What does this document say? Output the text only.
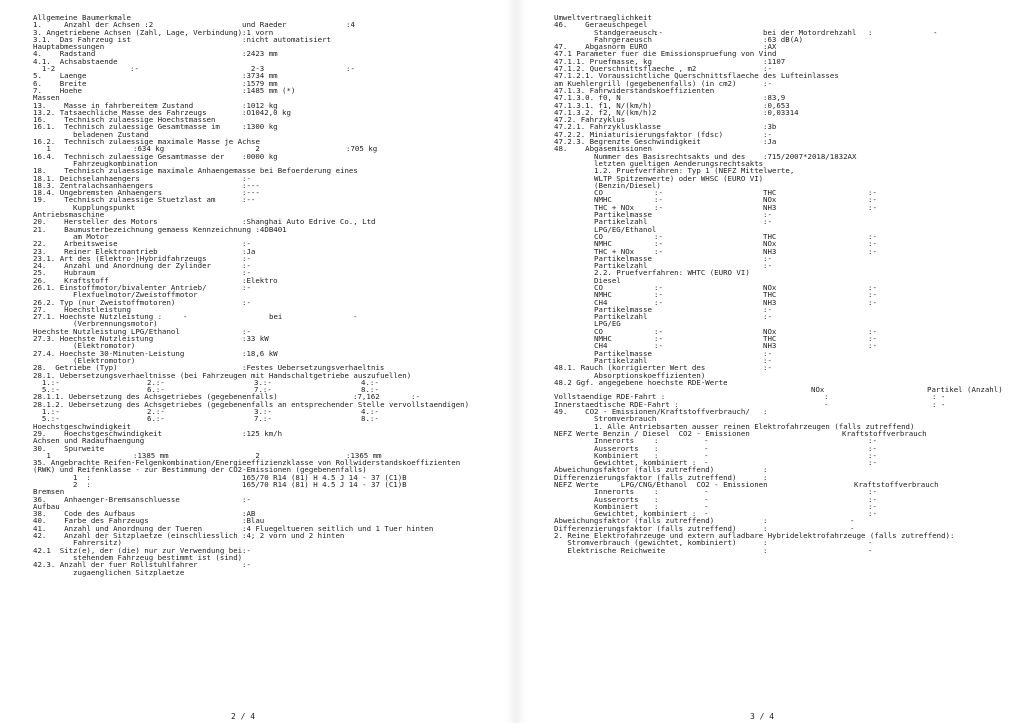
Allgemeine Baumerkmale
1.     Anzahl der Achsen :2	und Raeder	:4
3. Angetriebene Achsen (Zahl, Lage, Verbindung) :1 vorn
3.1.  Das Fahrzeug ist	:nicht automatisiert
Hauptabmessungen
4.    Radstand	:2423 mm
4.1.  Achsabstaende
1-2	:-	2-3	:-
5.    Laenge	:3734 mm
6.    Breite	:1579 mm
7.    Hoehe	:1485 mm (*)
Massen
13.    Masse in fahrbereitem Zustand	:1012 kg
13.2. Tatsaechliche Masse des Fahrzeugs	:O1042,0 kg
16.    Technisch zulaessige Hoechstmassen
16.1.  Technisch zulaessige Gesamtmasse im	:1300 kg
beladenen Zustand
16.2.  Technisch zulaessige maximale Masse je Achse
1	:634 kg	2	:705 kg
16.4.  Technisch zulaessige Gesamtmasse der :0000 kg
Fahrzeugkombination
18.    Technisch zulaessige maximale Anhaengemasse bei Befoerderung eines
18.1. Deichselanhaengers	:-
18.3. Zentralachsanhaengers	:---
18.4. Ungebremsten Anhaengers	:---
19.    Technisch zulaessige Stuetzlast am	:--
Kupplungspunkt
Antriebsmaschine
20.    Hersteller des Motors	:Shanghai Auto Edrive Co., Ltd
21.    Baumusterbezeichnung gemaess Kennzeichnung :4DB401
am Motor
22.    Arbeitsweise	:-
23.    Reiner Elektroantrieb	:Ja
23.1. Art des (Elektro-)Hybridfahrzeugs	:-
24.    Anzahl und Anordnung der Zylinder	:-
25.    Hubraum	:-
26.    Kraftstoff	:Elektro
26.1. Einstoffmotor/bivalenter Antrieb/	:-
Flexfuelmotor/Zweistoffmotor
26.2. Typ (nur Zweistoffmotoren)	:-
27.    Hoechstleistung
27.1. Hoechste Nutzleistung :	-	bei	-
(Verbrennungsmotor)
Hoechste Nutzleistung LPG/Ethanol	:-
27.3. Hoechste Nutzleistung	:33 kW
(Elektromotor)
27.4. Hoechste 30-Minuten-Leistung	:18,6 kW
(Elektromotor)
28.  Getriebe (Typ)	:Festes Uebersetzungsverhaeltnis
28.1. Uebersetzungsverhaeltnisse (bei Fahrzeugen mit Handschaltgetriebe auszufuellen)
1.:-	2.:-	3.:-	4.:-
5.:-	6.:-	7.:-	8.:-
28.1.1. Uebersetzung des Achsgetriebes (gegebenenfalls)	:7,162	:-
28.1.2. Uebersetzung des Achsgetriebes (gegebenenfalls an entsprechender Stelle vervollstaendigen)
1.:-	2.:-	3.:-	4.:-
5.:-	6.:-	7.:-	8.:-
Hoechstgeschwindigkeit
29.    Hoechstgeschwindigkeit	:125 km/h
Achsen und Radaufhaengung
30.    Spurweite
1	:1385 mm	2	:1365 mm
35. Angebrachte Reifen-Felgenkombination/Energieeffizienzklasse von Rollwiderstandskoeffizienten
(RWK) und Reifenklasse - zur Bestimmung der CO2-Emissionen (gegebenenfalls)
1  :	165/70 R14 (81) H 4.5 J 14 - 37 (C1)B
2  :	165/70 R14 (81) H 4.5 J 14 - 37 (C1)B
Bremsen
36.    Anhaenger-Bremsanschluesse	:-
Aufbau
38.    Code des Aufbaus	:AB
40.    Farbe des Fahrzeugs	:Blau
41.    Anzahl und Anordnung der Tueren	:4 Fluegeltueren seitlich und 1 Tuer hinten
42.    Anzahl der Sitzplaetze (einschliesslich :4; 2 vorn und 2 hinten
Fahrersitz)
42.1  Sitz(e), der (die) nur zur Verwendung bei :-
stehendem Fahrzeug bestimmt ist (sind)
42.3. Anzahl der fuer Rollstuhlfahrer	:-
zugaenglichen Sitzplaetze
2 / 4
Umweltvertraeglichkeit
46.    Geraeuschpegel
Standgeraeusch
:-	bei der Motordrehzahl :	-
Fahrgeraeusch	:63 dB(A)
47.    Abgasnorm EURO	:AX
47.1 Parameter fuer die Emissionspruefung von Vind
47.1.1. Pruefmasse, kg	:1107
47.1.2. Querschnittsflaeche , m2	:-
47.1.2.1. Voraussichtliche Querschnittsflaeche des Lufteinlasses
am Kuehlergrill (gegebenenfalls) (in cm2)	:-
47.1.3. Fahrwiderstandskoeffizienten
47.1.3.0. f0, N	:83,9
47.1.3.1. f1, N/(km/h)	:0,653
47.1.3.2. f2, N/(km/h)2	:0,03314
47.2. Fahrzyklus
47.2.1. Fahrzyklusklasse	:3b
47.2.2. Miniaturisierungsfaktor (fdsc)	:-
47.2.3. Begrenzte Geschwindigkeit	:Ja
48.    Abgasemissionen
Nummer des Basisrechtsakts und des :715/2007*2018/1832AX
letzten gueltigen Aenderungsrechtsakts
1.2. Pruefverfahren: Typ 1 (NEFZ Mittelwerte,
WLTP Spitzenwerte) oder WHSC (EURO VI)
(Benzin/Diesel)
CO	:-	THC	:-
NMHC	:-	NOx	:-
THC + NOx	:-	NH3	:-
Partikelmasse	:-
Partikelzahl	:-
LPG/EG/Ethanol
CO	:-	THC	:-
NMHC	:-	NOx	:-
THC + NOx	:-	NH3	:-
Partikelmasse	:-
Partikelzahl	:-
2.2. Pruefverfahren: WHTC (EURO VI)
Diesel
CO	:-	NOx	:-
NMHC	:-	THC	:-
CH4	:-	NH3	:-
Partikelmasse	:-
Partikelzahl	:-
LPG/EG
CO	:-	NOx	:-
NMHC	:-	THC	:-
CH4	:-	NH3	:-
Partikelmasse	:-
Partikelzahl	:-
48.1. Rauch (korrigierter Wert des	:-
Absorptionskoeffizienten)
48.2 Ggf. angegebene hoechste RDE-Werte
NOx	Partikel (Anzahl)
Vollstaendige RDE-Fahrt :	:	: -
Innerstaedtische RDE-Fahrt :	-	: -
49.    CO2 - Emissionen/Kraftstoffverbrauch/ :
Stromverbrauch
1. Alle Antriebsarten ausser reinen Elektrofahrzeugen (falls zutreffend)
NEFZ Werte Benzin / Diesel  CO2 - Emissionen	Kraftstoffverbrauch
Innerorts	:	-	:-
Ausserorts :	-	:-
Kombiniert :	-	:-
Gewichtet, kombiniert : -	:-
Abweichungsfaktor (falls zutreffend)	:
Differenzierungsfaktor (falls zutreffend)	:
NEFZ Werte     LPG/CNG/Ethanol  CO2 - Emissionen	Kraftstoffverbrauch
Innerorts	:	-	:-
Ausserorts :	-	:-
Kombiniert :	-	:-
Gewichtet, kombiniert : -	:-
Abweichungsfaktor (falls zutreffend)	:	-
Differenzierungsfaktor (falls zutreffend)	:	-
2. Reine Elektrofahrzeuge und extern aufladbare Hybridelektrofahrzeuge (falls zutreffend):
Stromverbrauch (gewichtet, kombiniert)	:	-
Elektrische Reichweite	:	-
3 / 4
